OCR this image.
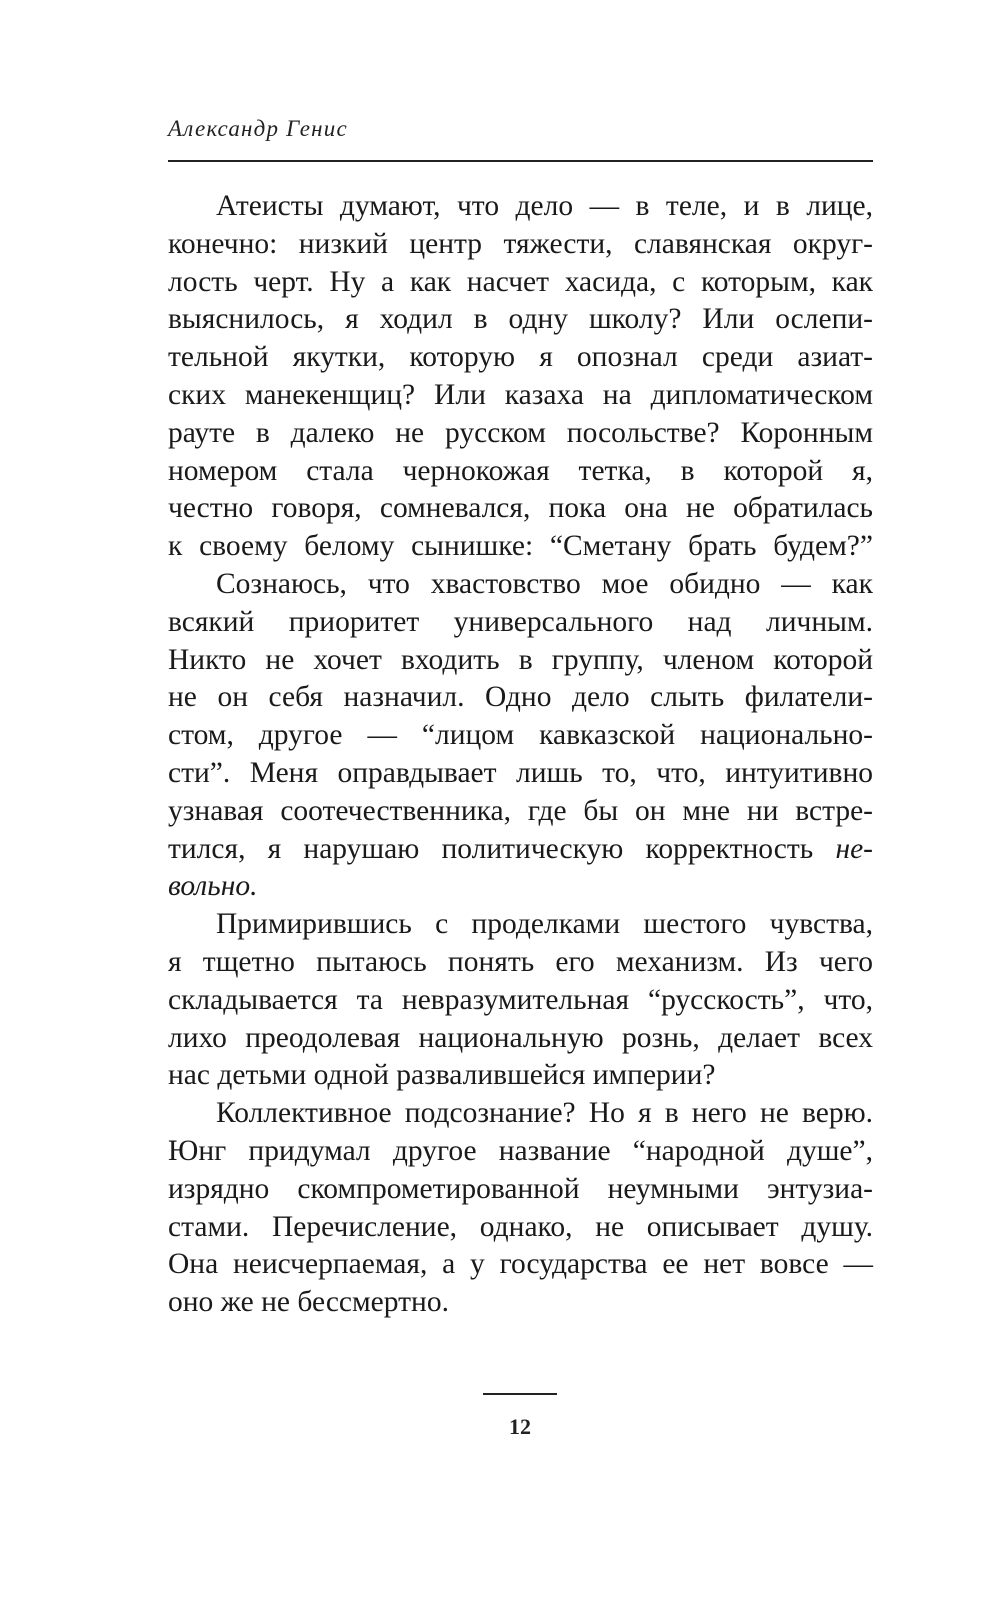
Александр Генис
Атеисты думают, что дело — в теле, и в лице,
конечно: низкий центр тяжести, славянская округ-
лость черт. Ну а как насчет хасида, с которым, как
выяснилось, я ходил в одну школу? Или ослепи-
тельной якутки, которую я опознал среди азиат-
ских манекенщиц? Или казаха на дипломатическом
рауте в далеко не русском посольстве? Коронным
номером стала чернокожая тетка, в которой я,
честно говоря, сомневался, пока она не обратилась
к своему белому сынишке: “Сметану брать будем?”
Сознаюсь, что хвастовство мое обидно — как
всякий приоритет универсального над личным.
Никто не хочет входить в группу, членом которой
не он себя назначил. Одно дело слыть филатели-
стом, другое — “лицом кавказской национально-
сти”. Меня оправдывает лишь то, что, интуитивно
узнавая соотечественника, где бы он мне ни встре-
тился, я нарушаю политическую корректность не-
вольно.
Примирившись с проделками шестого чувства,
я тщетно пытаюсь понять его механизм. Из чего
складывается та невразумительная “русскость”, что,
лихо преодолевая национальную рознь, делает всех
нас детьми одной развалившейся империи?
Коллективное подсознание? Но я в него не верю.
Юнг придумал другое название “народной душе”,
изрядно скомпрометированной неумными энтузиа-
стами. Перечисление, однако, не описывает душу.
Она неисчерпаемая, а у государства ее нет вовсе —
оно же не бессмертно.
12
